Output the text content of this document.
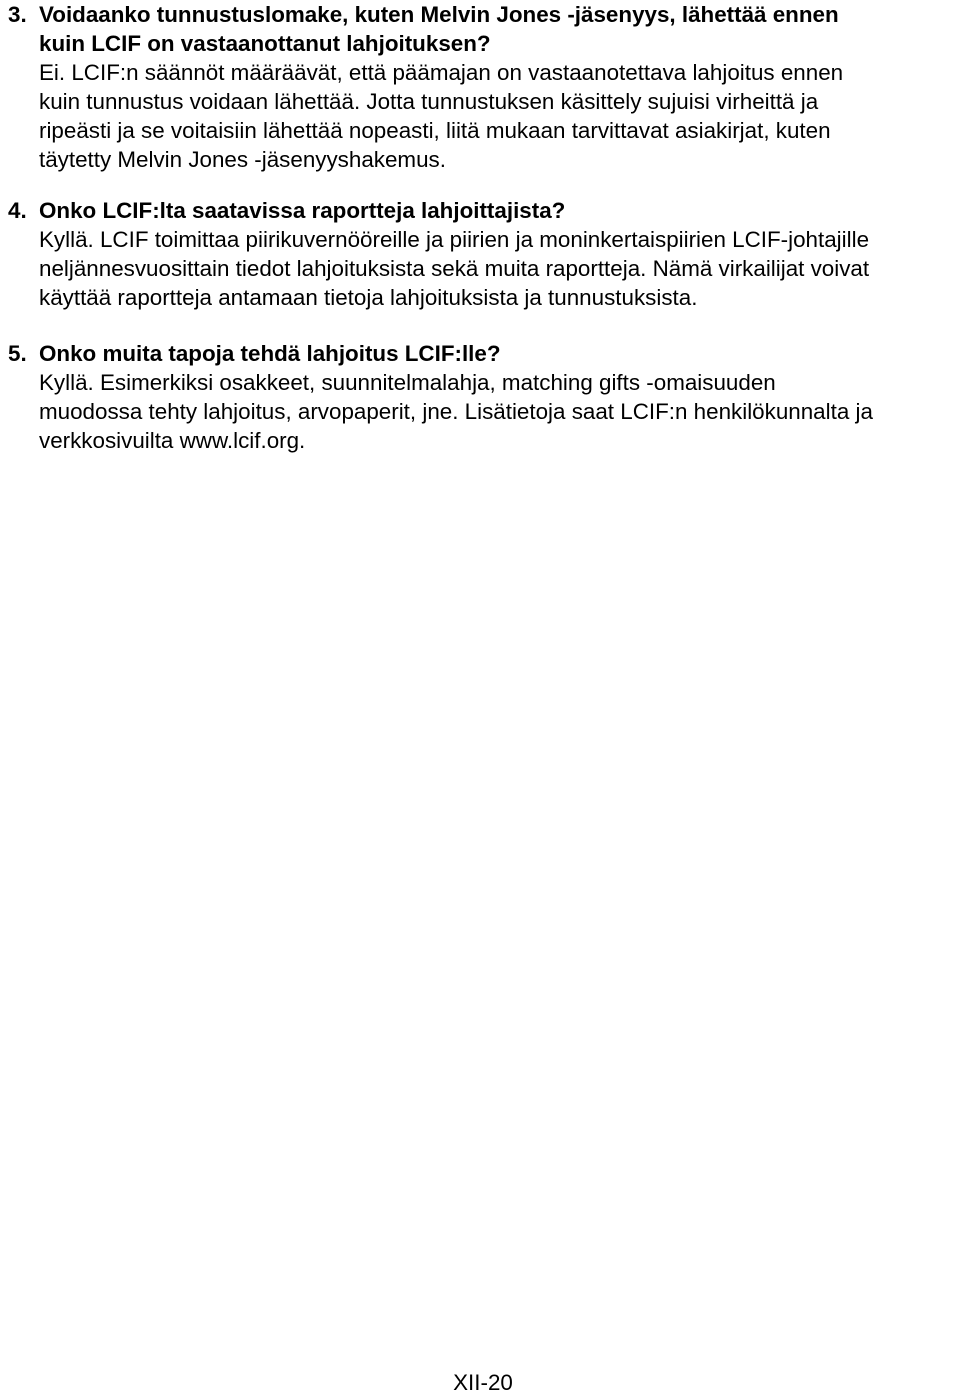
3. Voidaanko tunnustuslomake, kuten Melvin Jones -jäsenyys, lähettää ennen
kuin LCIF on vastaanottanut lahjoituksen?
Ei. LCIF:n säännöt määräävät, että päämajan on vastaanotettava lahjoitus ennen
kuin tunnustus voidaan lähettää. Jotta tunnustuksen käsittely sujuisi virheittä ja
ripeästi ja se voitaisiin lähettää nopeasti, liitä mukaan tarvittavat asiakirjat, kuten
täytetty Melvin Jones -jäsenyyshakemus.
4. Onko LCIF:lta saatavissa raportteja lahjoittajista?
Kyllä. LCIF toimittaa piirikuvernööreille ja piirien ja moninkertaispiirien LCIF-johtajille
neljännesvuosittain tiedot lahjoituksista sekä muita raportteja. Nämä virkailijat voivat
käyttää raportteja antamaan tietoja lahjoituksista ja tunnustuksista.
5. Onko muita tapoja tehdä lahjoitus LCIF:lle?
Kyllä. Esimerkiksi osakkeet, suunnitelmalahja, matching gifts -omaisuuden
muodossa tehty lahjoitus, arvopaperit, jne. Lisätietoja saat LCIF:n henkilökunnalta ja
verkkosivuilta www.lcif.org.
XII-20
